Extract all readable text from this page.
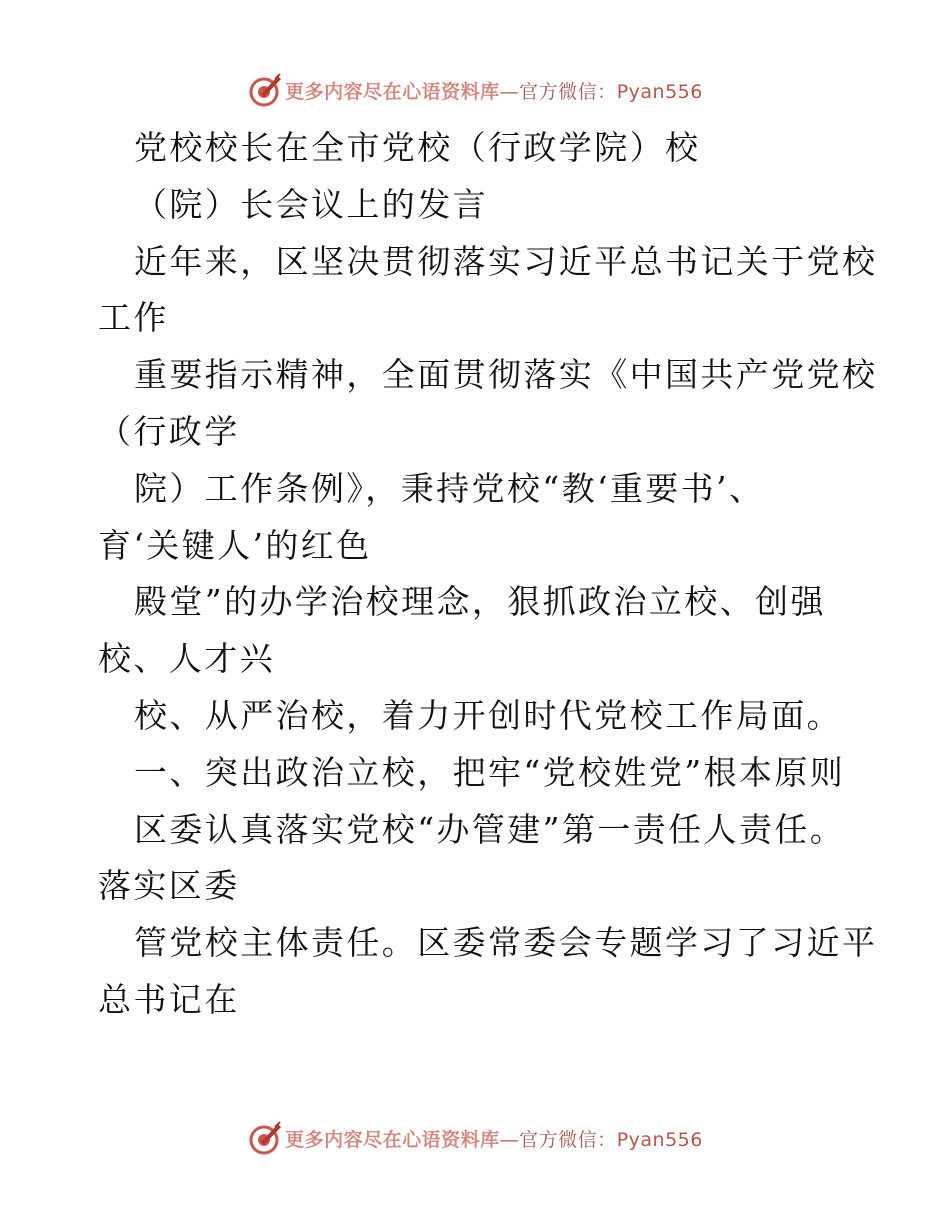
更多内容尽在心语资料库—官方微信：Pyan556
党校校长在全市党校（行政学院）校
（院）长会议上的发言
近年来，区坚决贯彻落实习近平总书记关于党校
工作
重要指示精神，全面贯彻落实《中国共产党党校
（行政学
院）工作条例》，秉持党校“教‘重要书’、
育‘关键人’的红色
殿堂”的办学治校理念，狠抓政治立校、创强
校、人才兴
校、从严治校，着力开创时代党校工作局面。
一、突出政治立校，把牢“党校姓党”根本原则
区委认真落实党校“办管建”第一责任人责任。
落实区委
管党校主体责任。区委常委会专题学习了习近平
总书记在
更多内容尽在心语资料库—官方微信：Pyan556
